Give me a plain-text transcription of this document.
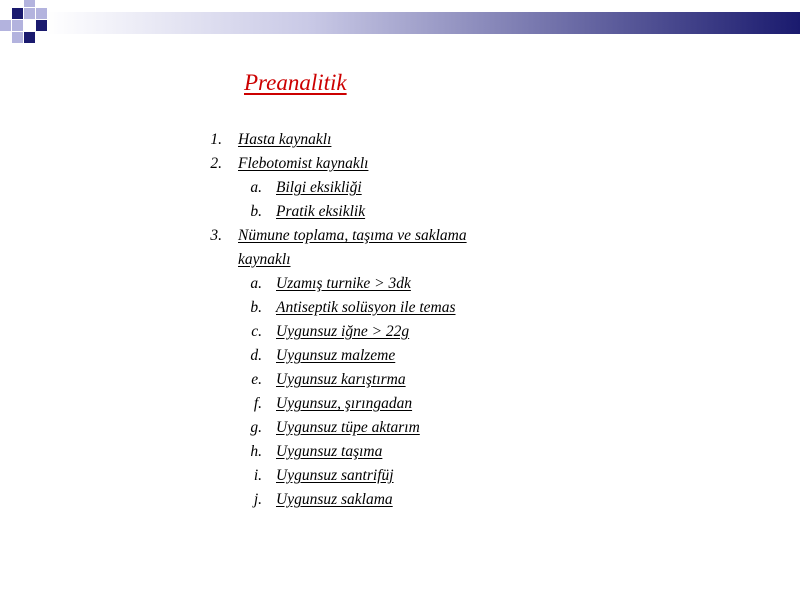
Preanalitik
1. Hasta kaynaklı
2. Flebotomist kaynaklı
a. Bilgi eksikliği
b. Pratik eksiklik
3. Nümune toplama, taşıma ve saklama
kaynaklı
a. Uzamış turnike > 3dk
b. Antiseptik solüsyon ile temas
c. Uygunsuz iğne > 22g
d. Uygunsuz malzeme
e. Uygunsuz karıştırma
f. Uygunsuz, şırıngadan
g. Uygunsuz tüpe aktarım
h. Uygunsuz taşıma
i. Uygunsuz santrifüj
j. Uygunsuz saklama
